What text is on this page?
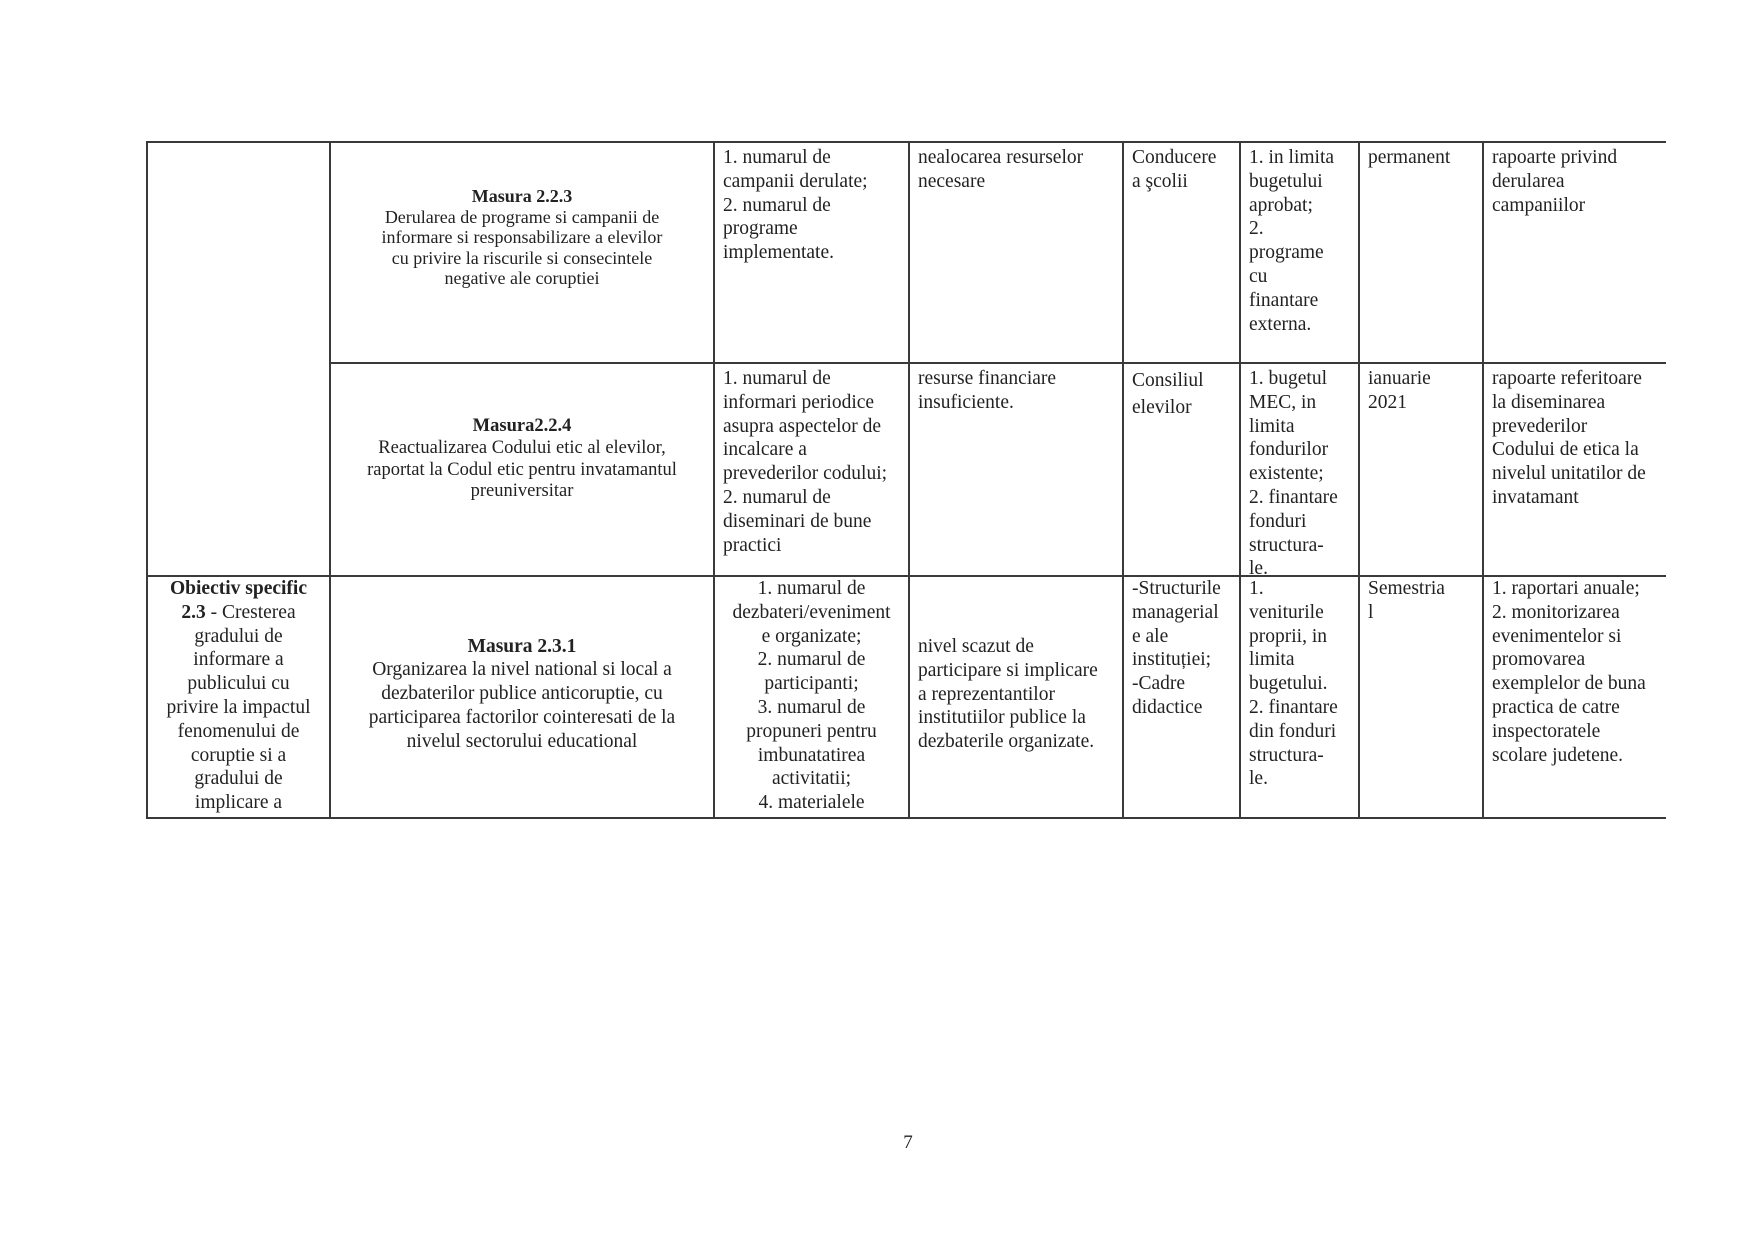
Obiectiv specific
2.3 - Cresterea
gradului de
informare a
publicului cu
privire la impactul
fenomenului de
coruptie si a
gradului de
implicare a
Masura 2.2.3
Derularea de programe si campanii de
informare si responsabilizare a elevilor
cu privire la riscurile si consecintele
negative ale coruptiei
1. numarul de
campanii derulate;
2. numarul de
programe
implementate.
nealocarea resurselor
necesare
Conducere
a şcolii
1. in limita
bugetului
aprobat;
2.
programe
cu
finantare
externa.
permanent	rapoarte privind
derularea
campaniilor
Masura2.2.4
Reactualizarea Codului etic al elevilor,
raportat la Codul etic pentru invatamantul
preuniversitar
1. numarul de
informari periodice
asupra aspectelor de
incalcare a
prevederilor codului;
2. numarul de
diseminari de bune
practici
resurse financiare
insuficiente.
Consiliul
elevilor
1. bugetul
MEC, in
limita
fondurilor
existente;
2. finantare
fonduri
structura-
le.
ianuarie
2021
rapoarte referitoare
la diseminarea
prevederilor
Codului de etica la
nivelul unitatilor de
invatamant
Masura 2.3.1
Organizarea la nivel national si local a
dezbaterilor publice anticoruptie, cu
participarea factorilor cointeresati de la
nivelul sectorului educational
1. numarul de
dezbateri/eveniment
e organizate;
2. numarul de
participanti;
3. numarul de
propuneri pentru
imbunatatirea
activitatii;
4. materialele
nivel scazut de
participare si implicare
a reprezentantilor
institutiilor publice la
dezbaterile organizate.
-Structurile
managerial
e ale
instituției;
-Cadre
didactice
1.
veniturile
proprii, in
limita
bugetului.
2. finantare
din fonduri
structura-
le.
Semestria
l
1. raportari anuale;
2. monitorizarea
evenimentelor si
promovarea
exemplelor de buna
practica de catre
inspectoratele
scolare judetene.
7
